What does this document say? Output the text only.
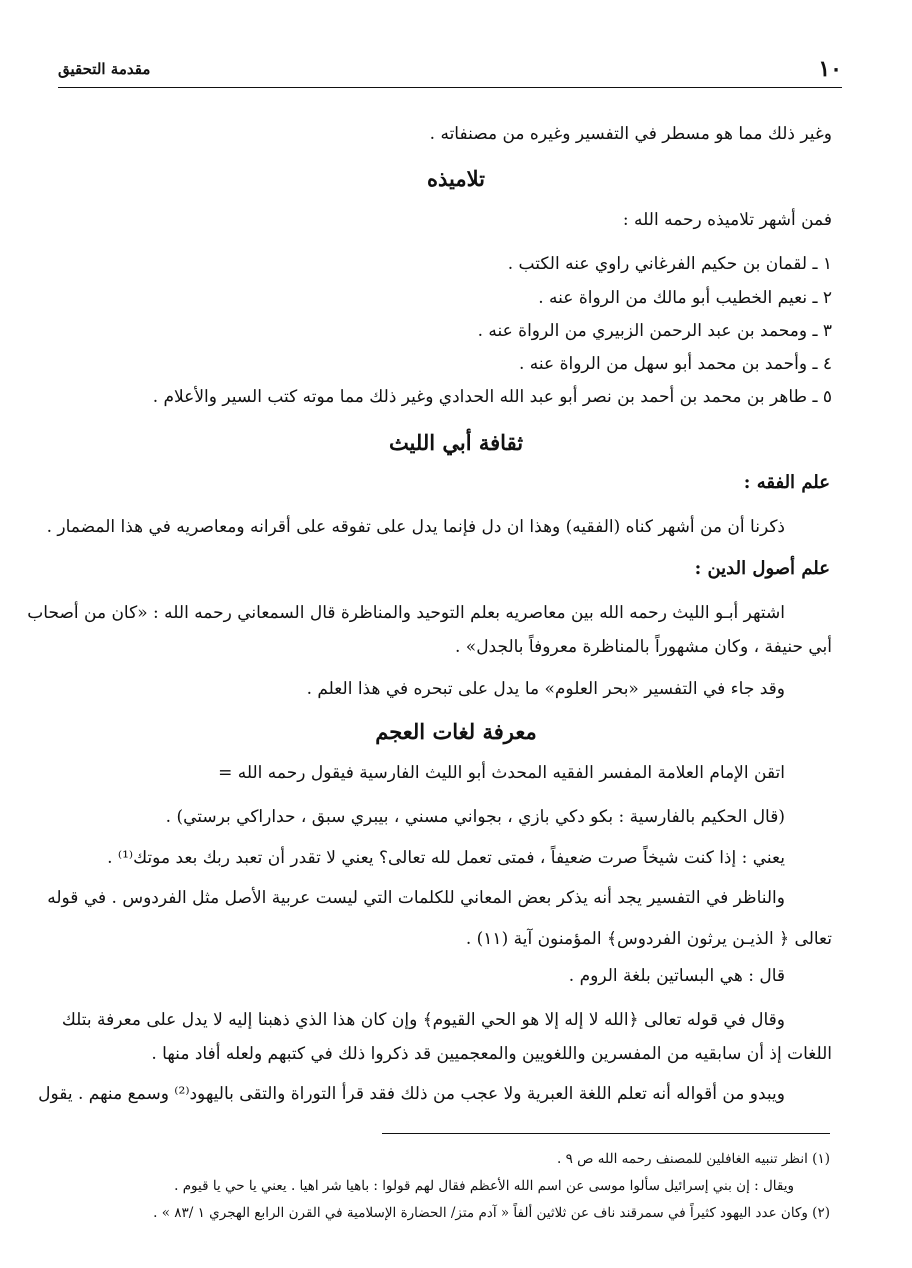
١٠
مقدمة التحقيق
وغير ذلك مما هو مسطر في التفسير وغيره من مصنفاته .
تلاميذه
فمن أشهر تلاميذه رحمه الله :
١ ـ لقمان بن حكيم الفرغاني راوي عنه الكتب .
٢ ـ نعيم الخطيب أبو مالك من الرواة عنه .
٣ ـ ومحمد بن عبد الرحمن الزبيري من الرواة عنه .
٤ ـ وأحمد بن محمد أبو سهل من الرواة عنه .
٥ ـ طاهر بن محمد بن أحمد بن نصر أبو عبد الله الحدادي وغير ذلك مما موته كتب السير والأعلام .
ثقافة أبي الليث
علم الفقه :
ذكرنا أن من أشهر كناه (الفقيه) وهذا ان دل فإنما يدل على تفوقه على أقرانه ومعاصريه في هذا المضمار .
علم أصول الدين :
اشتهر أبـو الليث رحمه الله بين معاصريه بعلم التوحيد والمناظرة قال السمعاني رحمه الله : «كان من أصحاب
أبي حنيفة ، وكان مشهوراً بالمناظرة معروفاً بالجدل» .
وقد جاء في التفسير «بحر العلوم» ما يدل على تبحره في هذا العلم .
معرفة لغات العجم
اتقن الإمام العلامة المفسر الفقيه المحدث أبو الليث الفارسية فيقول رحمه الله =
(قال الحكيم بالفارسية : بكو دكي بازي ، بجواني مسني ، بيبري سبق ، حداراكي برستي) .
يعني : إذا كنت شيخاً صرت ضعيفاً ، فمتى تعمل لله تعالى؟ يعني لا تقدر أن تعبد ربك بعد موتك⁽¹⁾ .
والناظر في التفسير يجد أنه يذكر بعض المعاني للكلمات التي ليست عربية الأصل مثل الفردوس . في قوله
تعالى ﴿ الذيـن يرثون الفردوس﴾ المؤمنون آية (١١) .
قال : هي البساتين بلغة الروم .
وقال في قوله تعالى ﴿الله لا إله إلا هو الحي القيوم﴾ وإن كان هذا الذي ذهبنا إليه لا يدل على معرفة بتلك
اللغات إذ أن سابقيه من المفسرين واللغويين والمعجميين قد ذكروا ذلك في كتبهم ولعله أفاد منها .
ويبدو من أقواله أنه تعلم اللغة العبرية ولا عجب من ذلك فقد قرأ التوراة والتقى باليهود⁽²⁾ وسمع منهم . يقول
(١) انظر تنبيه الغافلين للمصنف رحمه الله ص ٩ .
ويقال : إن بني إسرائيل سألوا موسى عن اسم الله الأعظم فقال لهم قولوا : باهيا شر اهيا . يعني يا حي يا قيوم .
(٢) وكان عدد اليهود كثيراً في سمرقند ناف عن ثلاثين ألفاً « آدم متز/ الحضارة الإسلامية في القرن الرابع الهجري ١ /٨٣ » .
